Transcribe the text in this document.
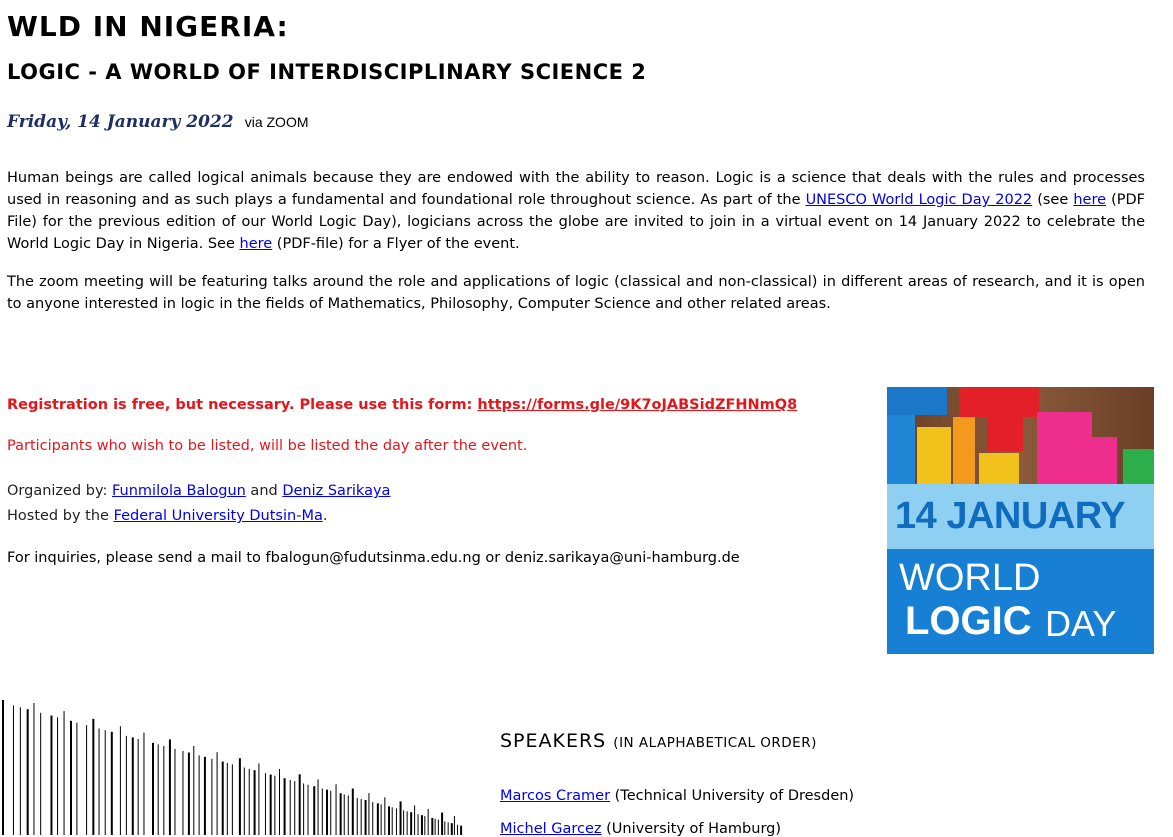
WLD IN NIGERIA:
LOGIC - A WORLD OF INTERDISCIPLINARY SCIENCE 2
Friday, 14 January 2022 via ZOOM

Human beings are called logical animals because they are endowed with the ability to reason. Logic is a science that deals with the rules and processes used in reasoning and as such plays a fundamental and foundational role throughout science. As part of the UNESCO World Logic Day 2022 (see here (PDF File) for the previous edition of our World Logic Day), logicians across the globe are invited to join in a virtual event on 14 January 2022 to celebrate the World Logic Day in Nigeria. See here (PDF-file) for a Flyer of the event.

The zoom meeting will be featuring talks around the role and applications of logic (classical and non-classical) in different areas of research, and it is open to anyone interested in logic in the fields of Mathematics, Philosophy, Computer Science and other related areas.

Registration is free, but necessary. Please use this form: https://forms.gle/9K7oJABSidZFHNmQ8

Participants who wish to be listed, will be listed the day after the event.

Organized by: Funmilola Balogun and Deniz Sarikaya
Hosted by the Federal University Dutsin-Ma.

For inquiries, please send a mail to fbalogun@fudutsinma.edu.ng or deniz.sarikaya@uni-hamburg.de

14 JANUARY
WORLD
LOGIC DAY

SPEAKERS (IN ALAPHABETICAL ORDER)

Marcos Cramer (Technical University of Dresden)

Michel Garcez (University of Hamburg)
